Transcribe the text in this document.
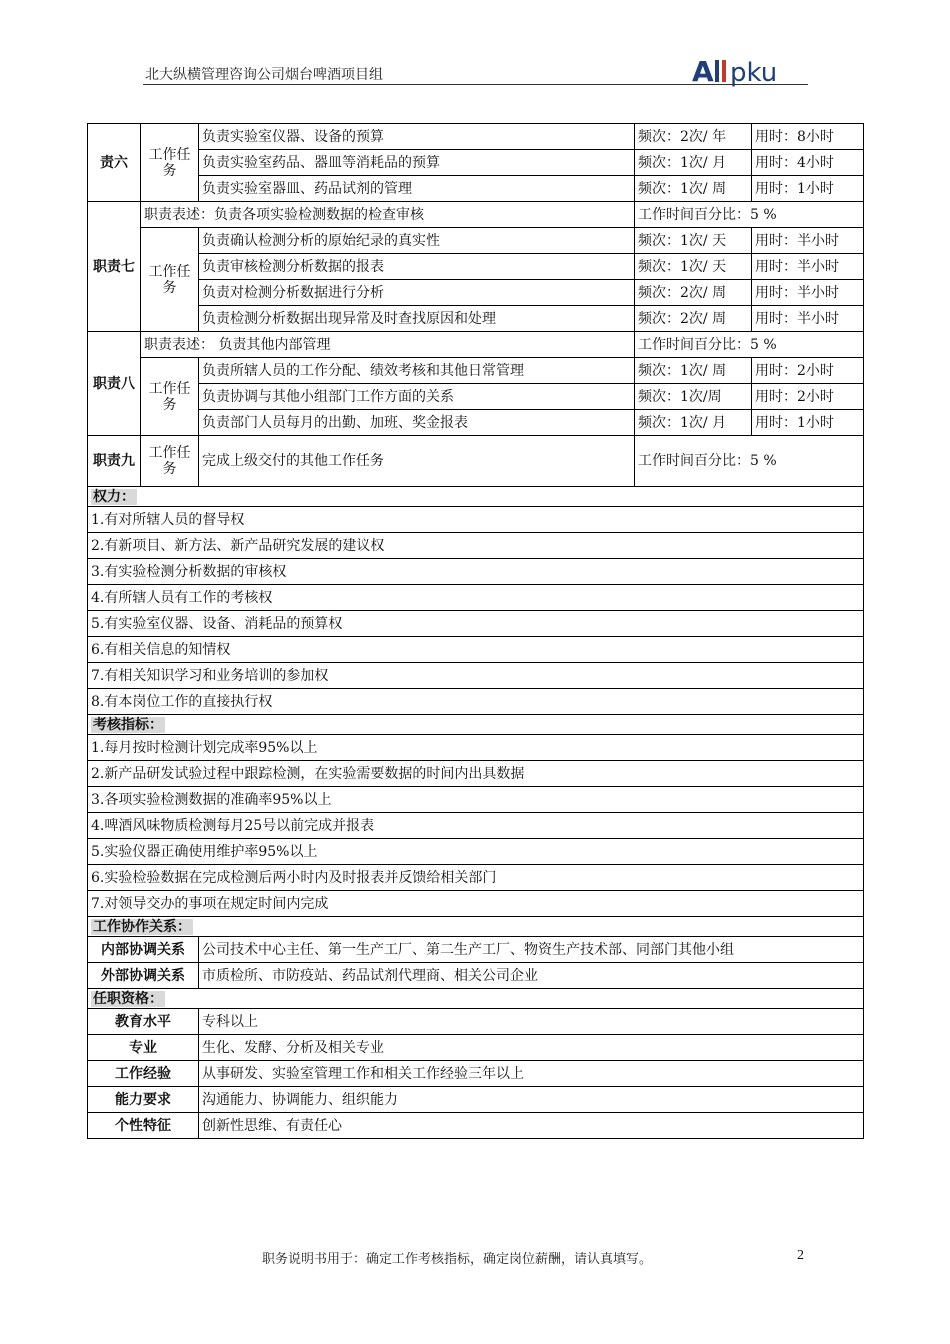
北大纵横管理咨询公司烟台啤酒项目组	A pku
责六	工作任务	负责实验室仪器、设备的预算	频次：2次/ 年	用时：8小时
		负责实验室药品、器皿等消耗品的预算	频次：1次/ 月	用时：4小时
		负责实验室器皿、药品试剂的管理	频次：1次/ 周	用时：1小时
职责七	职责表述：负责各项实验检测数据的检查审核		工作时间百分比：5 %	
	工作任务	负责确认检测分析的原始纪录的真实性	频次：1次/ 天	用时：半小时
		负责审核检测分析数据的报表	频次：1次/ 天	用时：半小时
		负责对检测分析数据进行分析	频次：2次/ 周	用时：半小时
		负责检测分析数据出现异常及时查找原因和处理	频次：2次/ 周	用时：半小时
职责八	职责表述： 负责其他内部管理		工作时间百分比：5 %	
	工作任务	负责所辖人员的工作分配、绩效考核和其他日常管理	频次：1次/ 周	用时：2小时
		负责协调与其他小组部门工作方面的关系	频次：1次/周	用时：2小时
		负责部门人员每月的出勤、加班、奖金报表	频次：1次/ 月	用时：1小时
职责九	工作任务	完成上级交付的其他工作任务	工作时间百分比：5 %	
权力：				
1.有对所辖人员的督导权				
2.有新项目、新方法、新产品研究发展的建议权				
3.有实验检测分析数据的审核权				
4.有所辖人员有工作的考核权				
5.有实验室仪器、设备、消耗品的预算权				
6.有相关信息的知情权				
7.有相关知识学习和业务培训的参加权				
8.有本岗位工作的直接执行权				
考核指标：				
1.每月按时检测计划完成率95%以上				
2.新产品研发试验过程中跟踪检测，在实验需要数据的时间内出具数据				
3.各项实验检测数据的准确率95%以上				
4.啤酒风味物质检测每月25号以前完成并报表				
5.实验仪器正确使用维护率95%以上				
6.实验检验数据在完成检测后两小时内及时报表并反馈给相关部门				
7.对领导交办的事项在规定时间内完成				
工作协作关系：				
内部协调关系		公司技术中心主任、第一生产工厂、第二生产工厂、物资生产技术部、同部门其他小组		
外部协调关系		市质检所、市防疫站、药品试剂代理商、相关公司企业		
任职资格：				
教育水平		专科以上		
专业		生化、发酵、分析及相关专业		
工作经验		从事研发、实验室管理工作和相关工作经验三年以上		
能力要求		沟通能力、协调能力、组织能力		
个性特征		创新性思维、有责任心		
职务说明书用于：确定工作考核指标，确定岗位薪酬，请认真填写。	2
